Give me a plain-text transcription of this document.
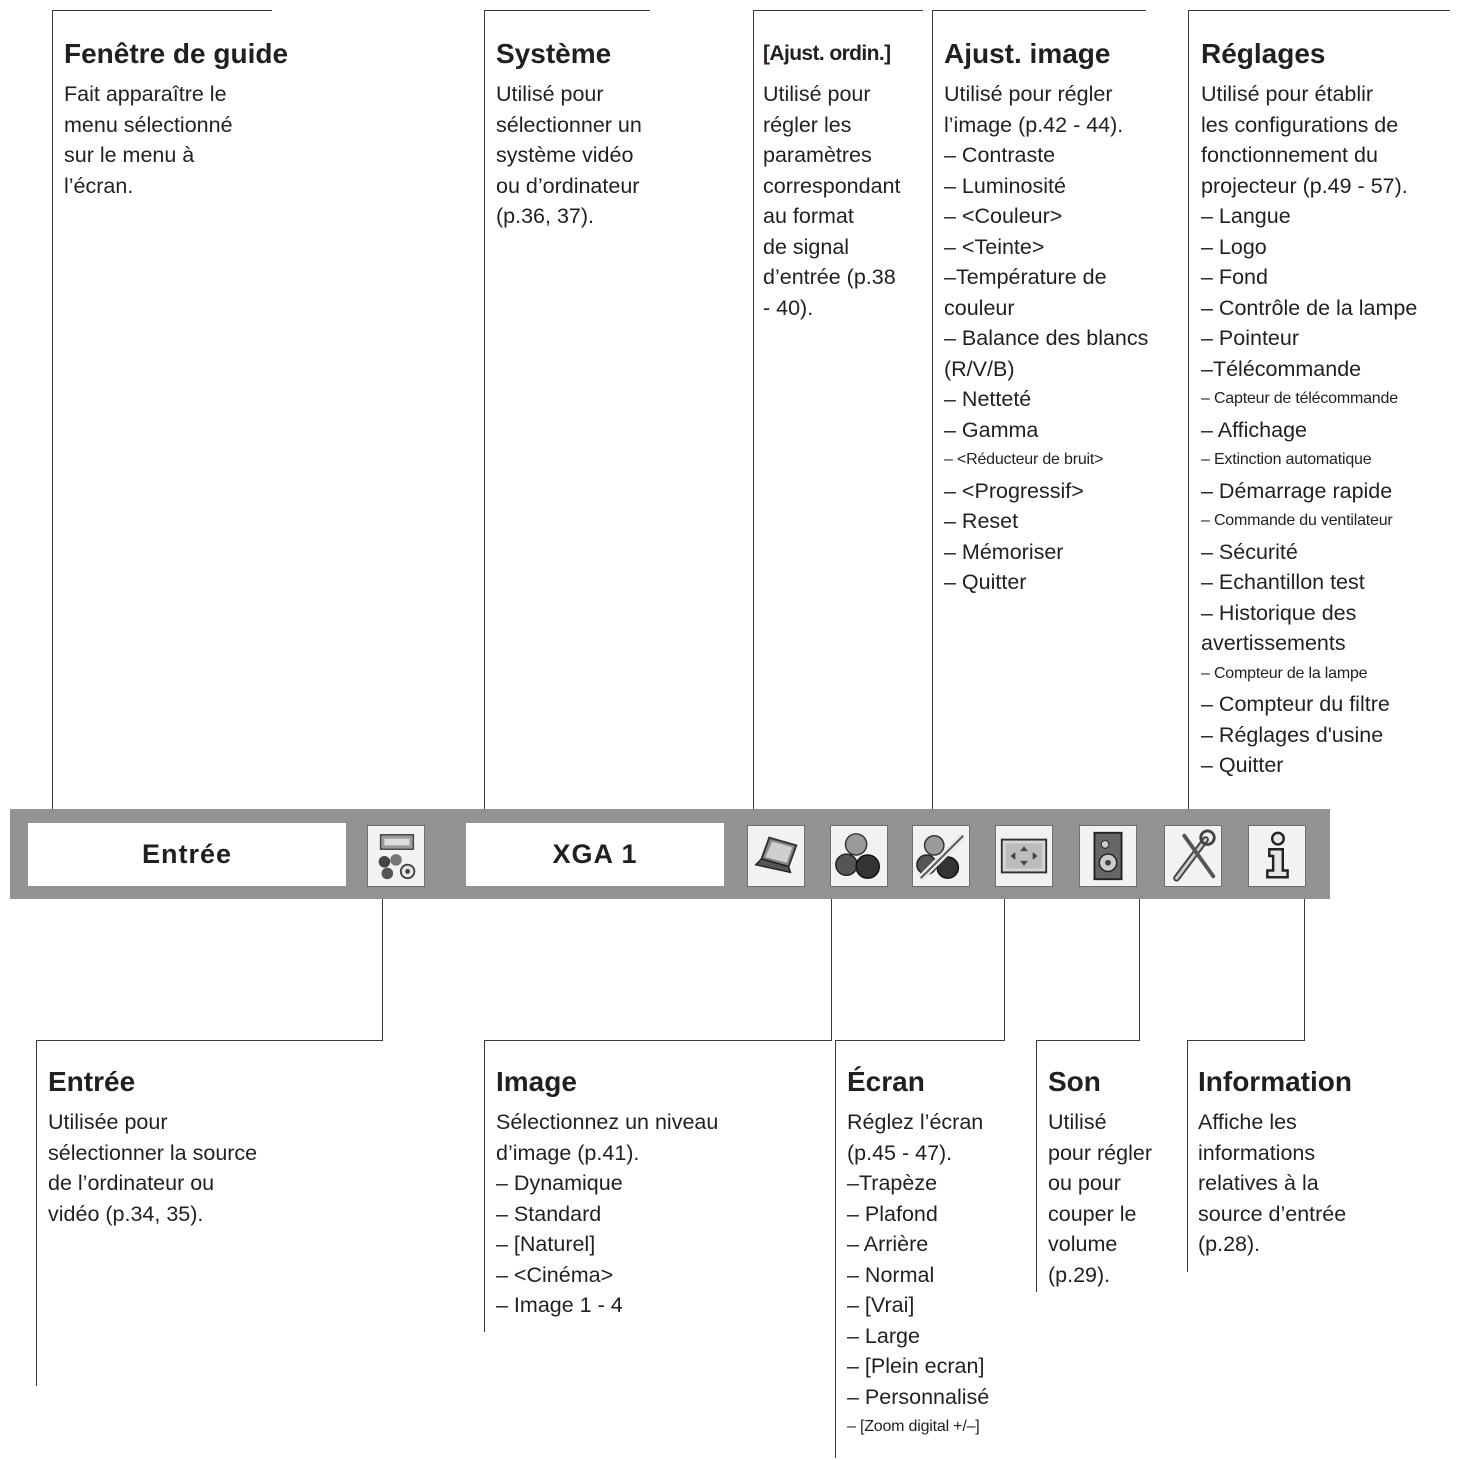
Fenêtre de guide
Fait apparaître le
menu sélectionné
sur le menu à
l’écran.
Système
Utilisé pour
sélectionner un
système vidéo
ou d’ordinateur
(p.36, 37).
[Ajust. ordin.]
Utilisé pour
régler les
paramètres
correspondant
au format
de signal
d’entrée (p.38
- 40).
Ajust. image
Utilisé pour régler
l’image (p.42 - 44).
– Contraste
– Luminosité
– <Couleur>
– <Teinte>
–Température de
couleur
– Balance des blancs
(R/V/B)
– Netteté
– Gamma
– <Réducteur de bruit>
– <Progressif>
– Reset
– Mémoriser
– Quitter
Réglages
Utilisé pour établir
les configurations de
fonctionnement du
projecteur (p.49 - 57).
– Langue
– Logo
– Fond
– Contrôle de la lampe
– Pointeur
–Télécommande
– Capteur de télécommande
– Affichage
– Extinction automatique
– Démarrage rapide
– Commande du ventilateur
– Sécurité
– Echantillon test
– Historique des
avertissements
– Compteur de la lampe
– Compteur du filtre
– Réglages d'usine
– Quitter
Entrée	XGA 1
Entrée
Utilisée pour
sélectionner la source
de l’ordinateur ou
vidéo (p.34, 35).
Image
Sélectionnez un niveau
d’image (p.41).
– Dynamique
– Standard
– [Naturel]
– <Cinéma>
– Image 1 - 4
Écran
Réglez l’écran
(p.45 - 47).
–Trapèze
– Plafond
– Arrière
– Normal
– [Vrai]
– Large
– [Plein ecran]
– Personnalisé
– [Zoom digital +/–]
Son
Utilisé
pour régler
ou pour
couper le
volume
(p.29).
Information
Affiche les
informations
relatives à la
source d’entrée
(p.28).
